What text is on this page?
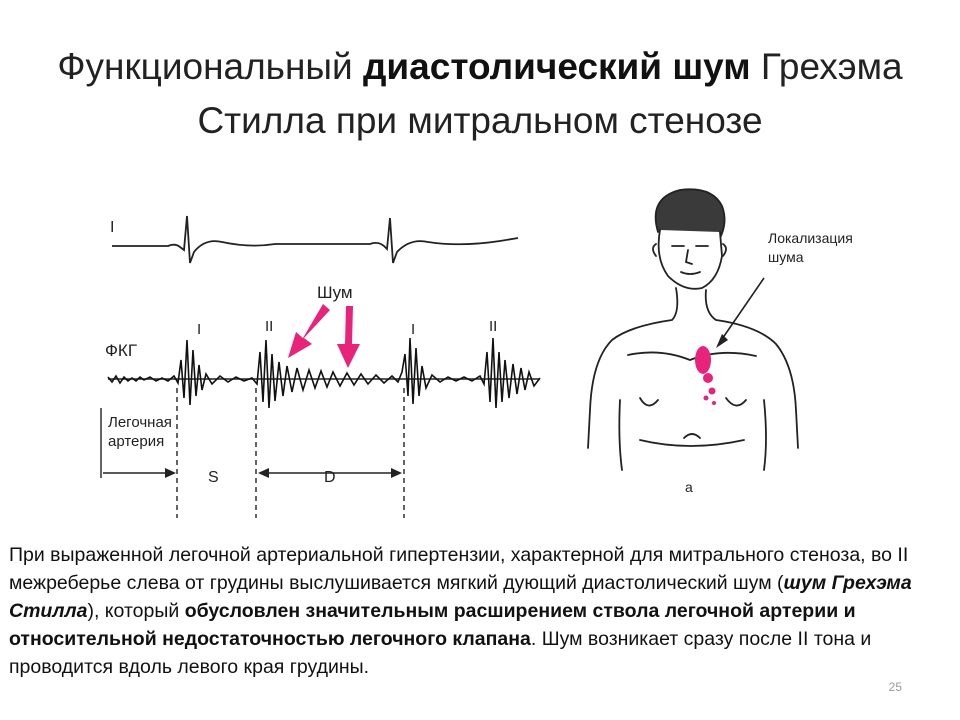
Функциональный диастолический шум Грехэма
Стилла при митральном стенозе
I
Шум
ФКГ
I	II	I	II
Легочная
артерия
S	D
Локализация
шума
a
При выраженной легочной артериальной гипертензии, характерной для митрального стеноза, во II межреберье слева от грудины выслушивается мягкий дующий диастолический шум (шум Грехэма Стилла), который обусловлен значительным расширением ствола легочной артерии и относительной недостаточностью легочного клапана. Шум возникает сразу после II тона и проводится вдоль левого края грудины.
25
